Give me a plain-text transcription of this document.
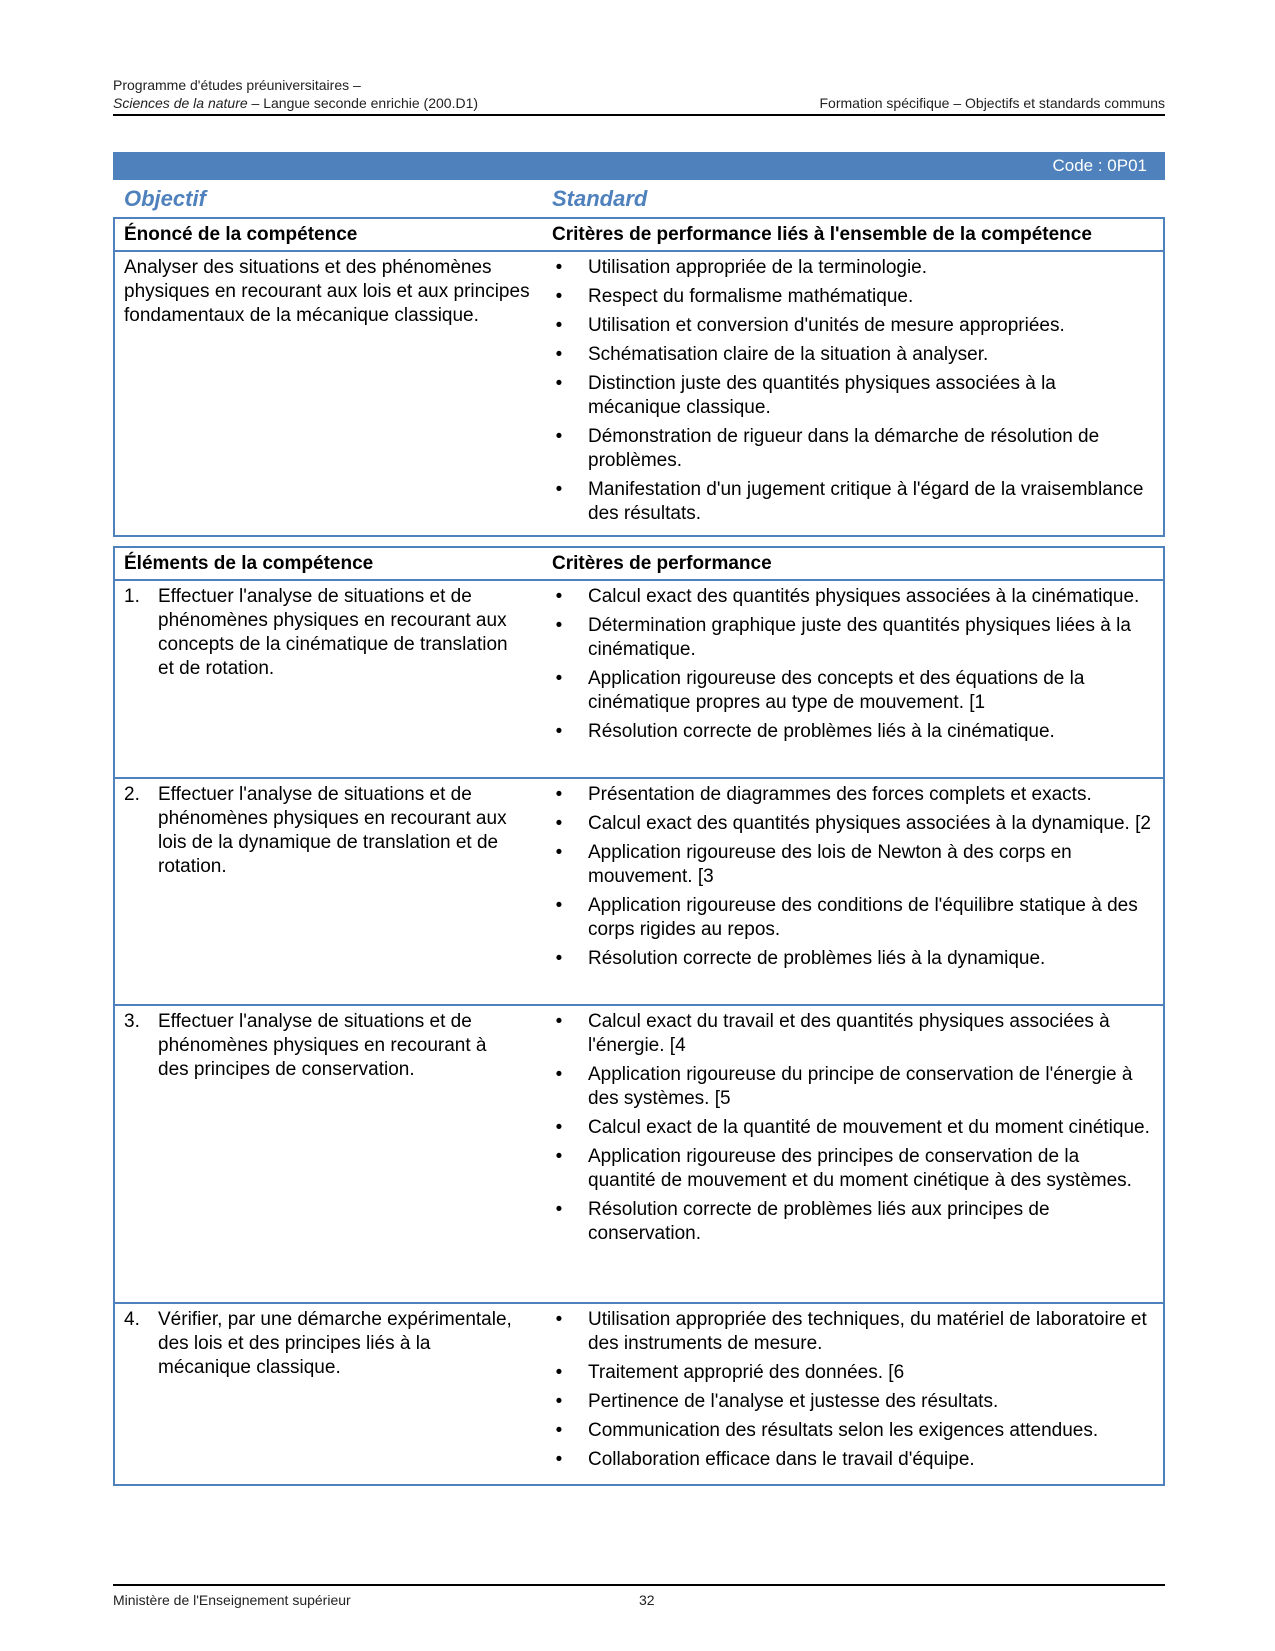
Programme d'études préuniversitaires –
Sciences de la nature – Langue seconde enrichie (200.D1)	Formation spécifique – Objectifs et standards communs
Code : 0P01
Objectif	Standard
Énoncé de la compétence	Critères de performance liés à l'ensemble de la compétence
Analyser des situations et des phénomènes physiques en recourant aux lois et aux principes fondamentaux de la mécanique classique.
• Utilisation appropriée de la terminologie.
• Respect du formalisme mathématique.
• Utilisation et conversion d'unités de mesure appropriées.
• Schématisation claire de la situation à analyser.
• Distinction juste des quantités physiques associées à la mécanique classique.
• Démonstration de rigueur dans la démarche de résolution de problèmes.
• Manifestation d'un jugement critique à l'égard de la vraisemblance des résultats.
Éléments de la compétence	Critères de performance
1. Effectuer l'analyse de situations et de phénomènes physiques en recourant aux concepts de la cinématique de translation et de rotation.
• Calcul exact des quantités physiques associées à la cinématique.
• Détermination graphique juste des quantités physiques liées à la cinématique.
• Application rigoureuse des concepts et des équations de la cinématique propres au type de mouvement. [1
• Résolution correcte de problèmes liés à la cinématique.
2. Effectuer l'analyse de situations et de phénomènes physiques en recourant aux lois de la dynamique de translation et de rotation.
• Présentation de diagrammes des forces complets et exacts.
• Calcul exact des quantités physiques associées à la dynamique. [2
• Application rigoureuse des lois de Newton à des corps en mouvement. [3
• Application rigoureuse des conditions de l'équilibre statique à des corps rigides au repos.
• Résolution correcte de problèmes liés à la dynamique.
3. Effectuer l'analyse de situations et de phénomènes physiques en recourant à des principes de conservation.
• Calcul exact du travail et des quantités physiques associées à l'énergie. [4
• Application rigoureuse du principe de conservation de l'énergie à des systèmes. [5
• Calcul exact de la quantité de mouvement et du moment cinétique.
• Application rigoureuse des principes de conservation de la quantité de mouvement et du moment cinétique à des systèmes.
• Résolution correcte de problèmes liés aux principes de conservation.
4. Vérifier, par une démarche expérimentale, des lois et des principes liés à la mécanique classique.
• Utilisation appropriée des techniques, du matériel de laboratoire et des instruments de mesure.
• Traitement approprié des données. [6
• Pertinence de l'analyse et justesse des résultats.
• Communication des résultats selon les exigences attendues.
• Collaboration efficace dans le travail d'équipe.
Ministère de l'Enseignement supérieur	32
